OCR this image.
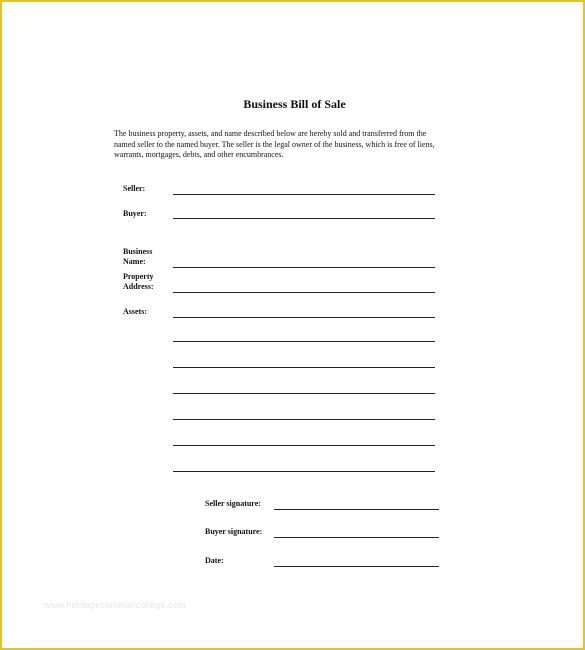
Business Bill of Sale
The business property, assets, and name described below are hereby sold and transferred from the named seller to the named buyer. The seller is the legal owner of the business, which is free of liens, warrants, mortgages, debts, and other encumbrances.
Seller:
Buyer:
Business
Name:
Property
Address:
Assets:
Seller signature:
Buyer signature:
Date:
www.heritagechristiancollege.com
